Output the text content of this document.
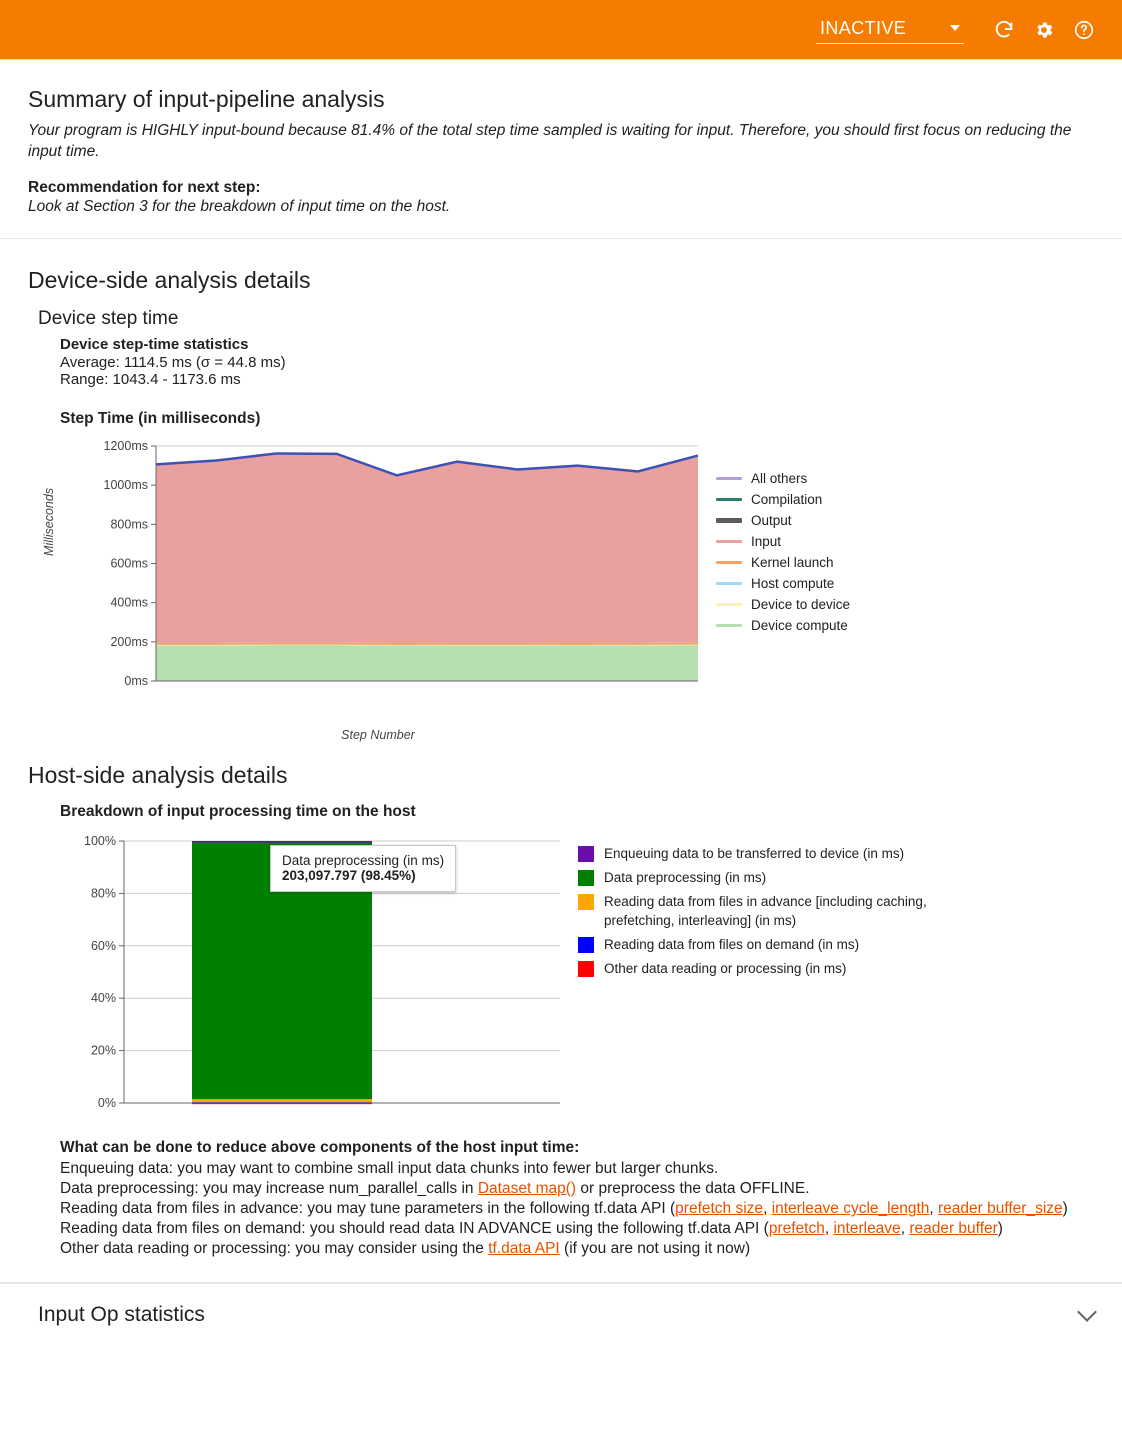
INACTIVE
Summary of input-pipeline analysis

Your program is HIGHLY input-bound because 81.4% of the total step time sampled is waiting for input. Therefore, you should first focus on reducing the input time.

Recommendation for next step:

Look at Section 3 for the breakdown of input time on the host.

Device-side analysis details
Device step time
Device step-time statistics
Average: 1114.5 ms (σ = 44.8 ms)
Range: 1043.4 - 1173.6 ms
Step Time (in milliseconds)
Milliseconds
0ms
200ms
400ms
600ms
800ms
1000ms
1200ms
Step Number
All others
Compilation
Output
Input
Kernel launch
Host compute
Device to device
Device compute
Host-side analysis details
Breakdown of input processing time on the host
0%
20%
40%
60%
80%
100%
Data preprocessing (in ms)
203,097.797 (98.45%)
Enqueuing data to be transferred to device (in ms)
Data preprocessing (in ms)
Reading data from files in advance [including caching, prefetching, interleaving] (in ms)
Reading data from files on demand (in ms)
Other data reading or processing (in ms)
What can be done to reduce above components of the host input time:
Enqueuing data: you may want to combine small input data chunks into fewer but larger chunks.
Data preprocessing: you may increase num_parallel_calls in Dataset map() or preprocess the data OFFLINE.
Reading data from files in advance: you may tune parameters in the following tf.data API (prefetch size, interleave cycle_length, reader buffer_size)
Reading data from files on demand: you should read data IN ADVANCE using the following tf.data API (prefetch, interleave, reader buffer)
Other data reading or processing: you may consider using the tf.data API (if you are not using it now)
Input Op statistics
